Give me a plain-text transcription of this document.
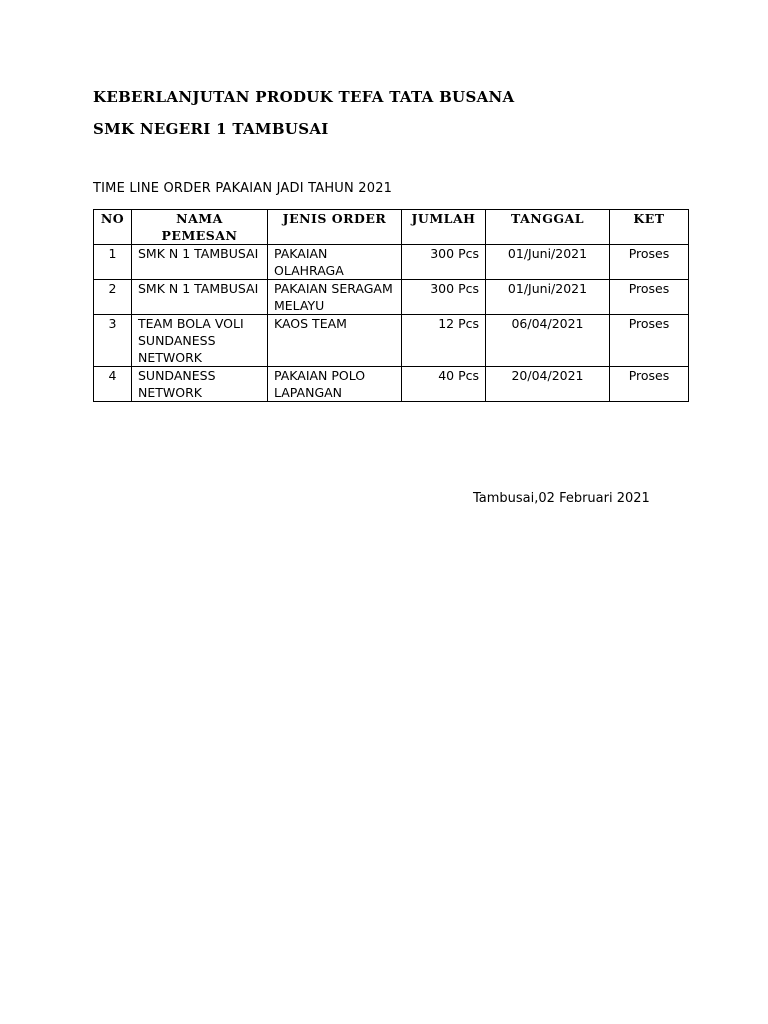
KEBERLANJUTAN PRODUK TEFA TATA BUSANA
SMK NEGERI 1 TAMBUSAI
TIME LINE ORDER PAKAIAN JADI TAHUN 2021
NO	NAMA PEMESAN	JENIS ORDER	JUMLAH	TANGGAL	KET
1	SMK N 1 TAMBUSAI	PAKAIAN OLAHRAGA	300 Pcs	01/Juni/2021	Proses
2	SMK N 1 TAMBUSAI	PAKAIAN SERAGAM MELAYU	300 Pcs	01/Juni/2021	Proses
3	TEAM BOLA VOLI SUNDANESS NETWORK	KAOS TEAM	12 Pcs	06/04/2021	Proses
4	SUNDANESS NETWORK	PAKAIAN POLO LAPANGAN	40 Pcs	20/04/2021	Proses
Tambusai,02 Februari 2021
